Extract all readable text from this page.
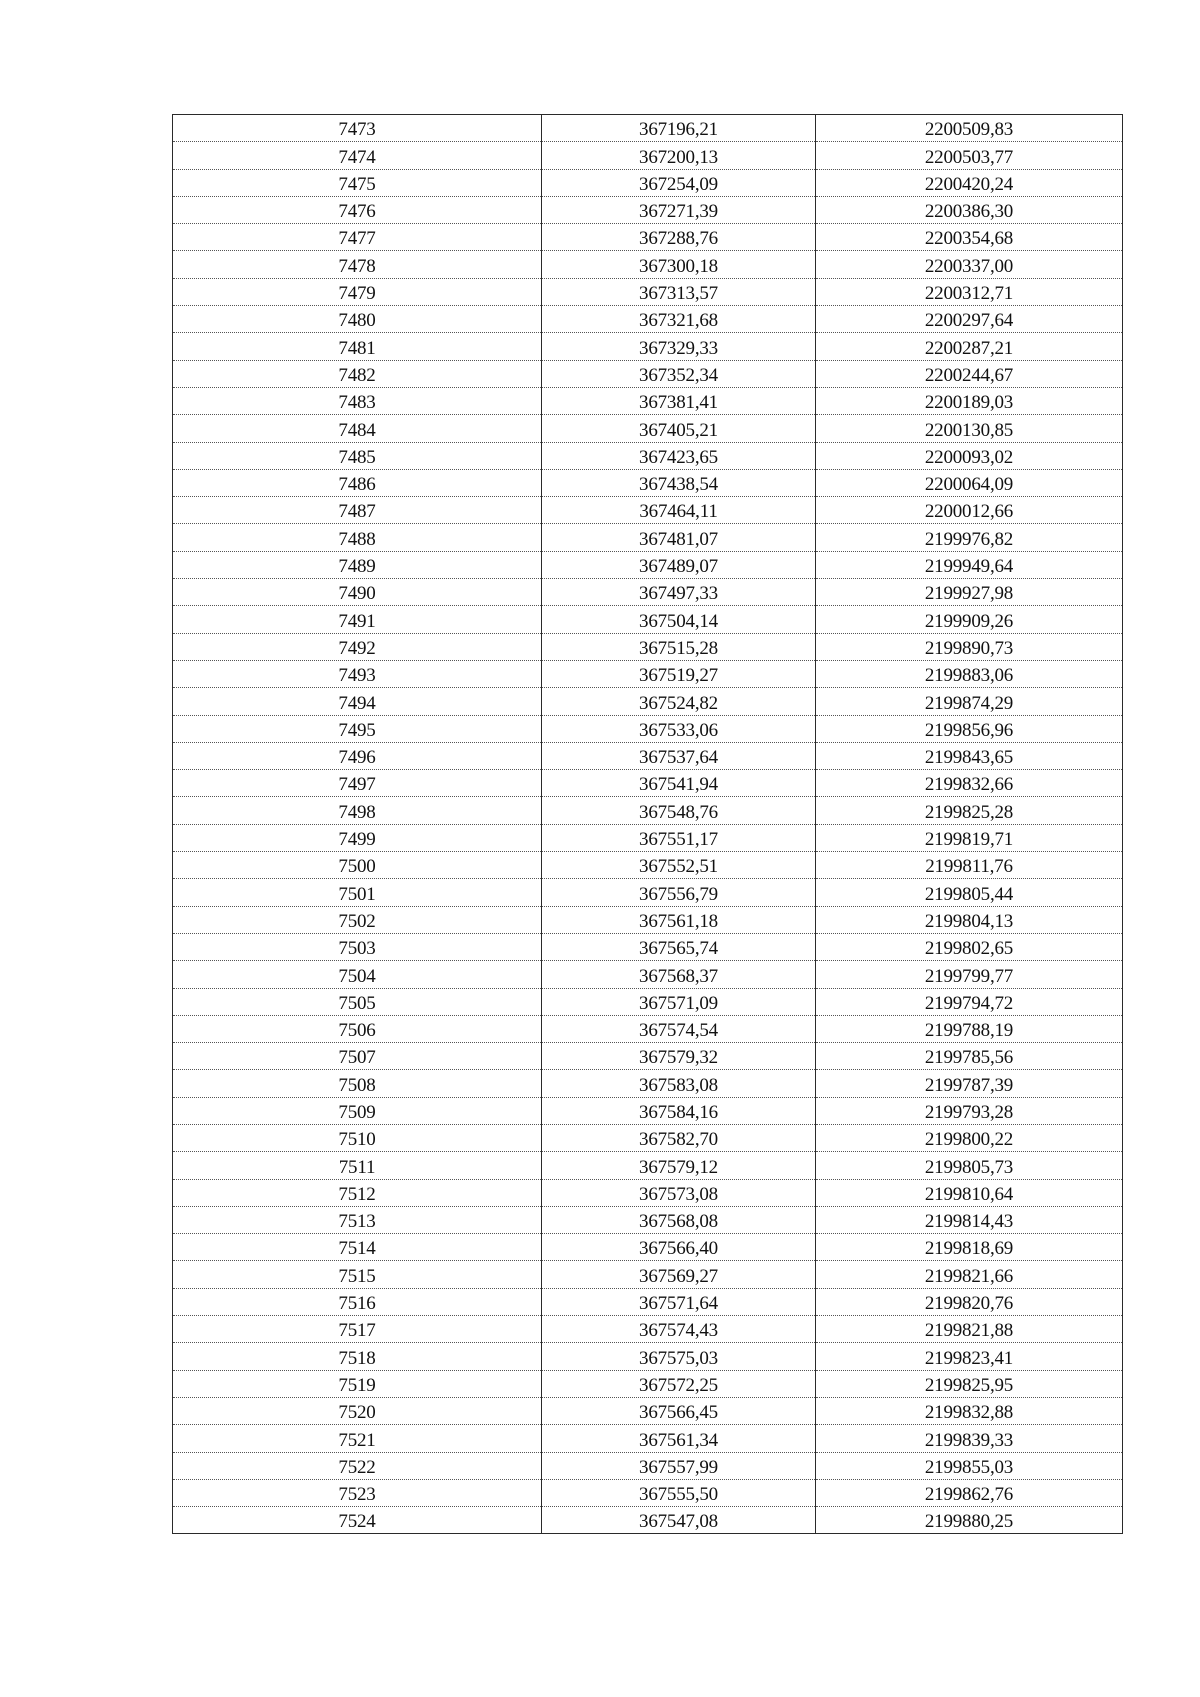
7473	367196,21	2200509,83
7474	367200,13	2200503,77
7475	367254,09	2200420,24
7476	367271,39	2200386,30
7477	367288,76	2200354,68
7478	367300,18	2200337,00
7479	367313,57	2200312,71
7480	367321,68	2200297,64
7481	367329,33	2200287,21
7482	367352,34	2200244,67
7483	367381,41	2200189,03
7484	367405,21	2200130,85
7485	367423,65	2200093,02
7486	367438,54	2200064,09
7487	367464,11	2200012,66
7488	367481,07	2199976,82
7489	367489,07	2199949,64
7490	367497,33	2199927,98
7491	367504,14	2199909,26
7492	367515,28	2199890,73
7493	367519,27	2199883,06
7494	367524,82	2199874,29
7495	367533,06	2199856,96
7496	367537,64	2199843,65
7497	367541,94	2199832,66
7498	367548,76	2199825,28
7499	367551,17	2199819,71
7500	367552,51	2199811,76
7501	367556,79	2199805,44
7502	367561,18	2199804,13
7503	367565,74	2199802,65
7504	367568,37	2199799,77
7505	367571,09	2199794,72
7506	367574,54	2199788,19
7507	367579,32	2199785,56
7508	367583,08	2199787,39
7509	367584,16	2199793,28
7510	367582,70	2199800,22
7511	367579,12	2199805,73
7512	367573,08	2199810,64
7513	367568,08	2199814,43
7514	367566,40	2199818,69
7515	367569,27	2199821,66
7516	367571,64	2199820,76
7517	367574,43	2199821,88
7518	367575,03	2199823,41
7519	367572,25	2199825,95
7520	367566,45	2199832,88
7521	367561,34	2199839,33
7522	367557,99	2199855,03
7523	367555,50	2199862,76
7524	367547,08	2199880,25
